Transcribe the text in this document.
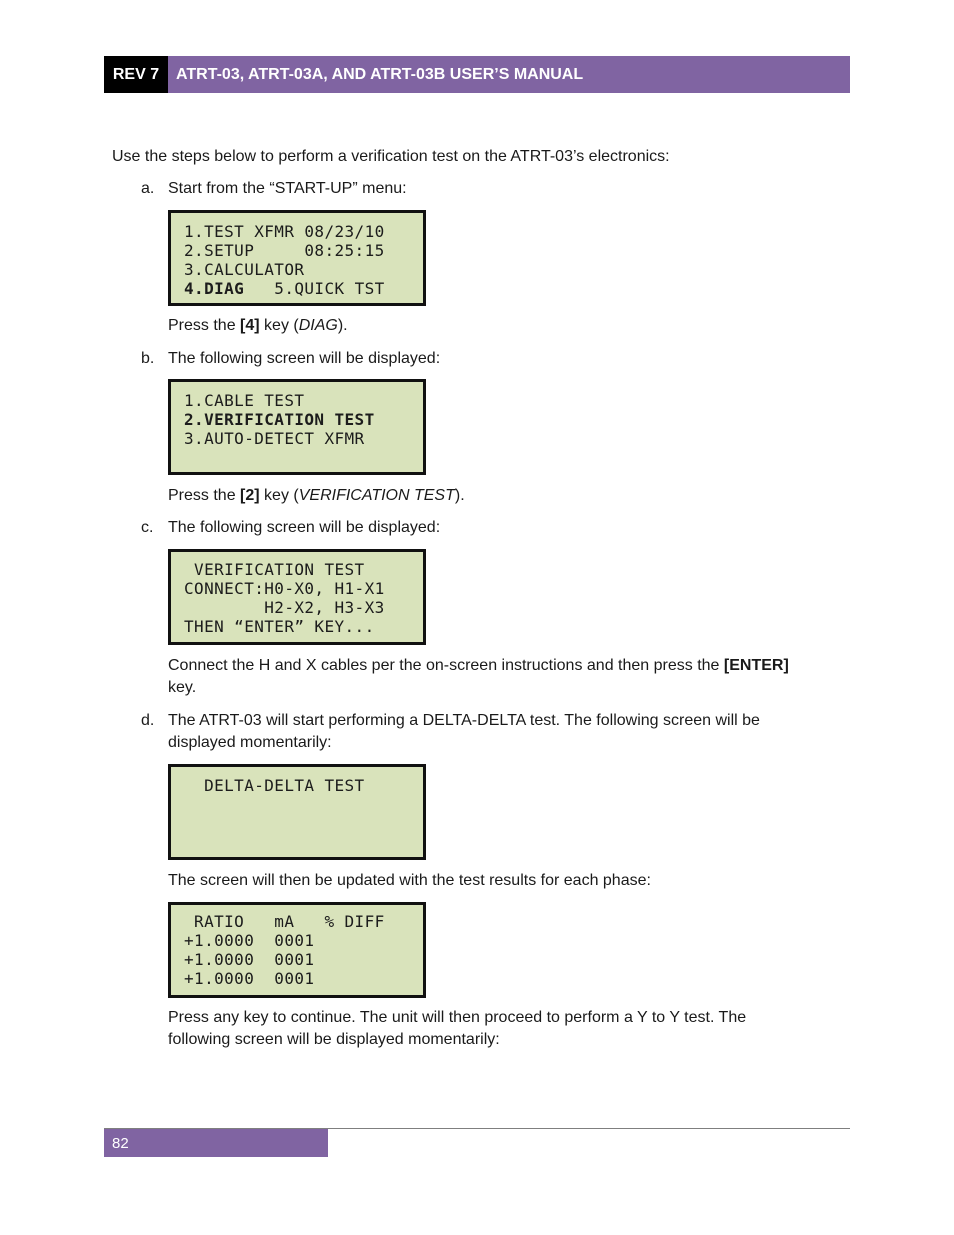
REV 7	ATRT-03, ATRT-03A, AND ATRT-03B USER’S MANUAL

Use the steps below to perform a verification test on the ATRT-03’s electronics:

a. Start from the “START-UP” menu:
1.TEST XFMR 08/23/10
2.SETUP     08:25:15
3.CALCULATOR
4.DIAG   5.QUICK TST
Press the [4] key (DIAG).
b. The following screen will be displayed:
1.CABLE TEST
2.VERIFICATION TEST
3.AUTO-DETECT XFMR
Press the [2] key (VERIFICATION TEST).
c. The following screen will be displayed:
VERIFICATION TEST
CONNECT:H0-X0, H1-X1
H2-X2, H3-X3
THEN “ENTER” KEY...
Connect the H and X cables per the on-screen instructions and then press the [ENTER]
key.
d. The ATRT-03 will start performing a DELTA-DELTA test. The following screen will be
displayed momentarily:
DELTA-DELTA TEST
The screen will then be updated with the test results for each phase:
RATIO   mA   % DIFF
+1.0000  0001
+1.0000  0001
+1.0000  0001
Press any key to continue. The unit will then proceed to perform a Y to Y test. The
following screen will be displayed momentarily:
82
